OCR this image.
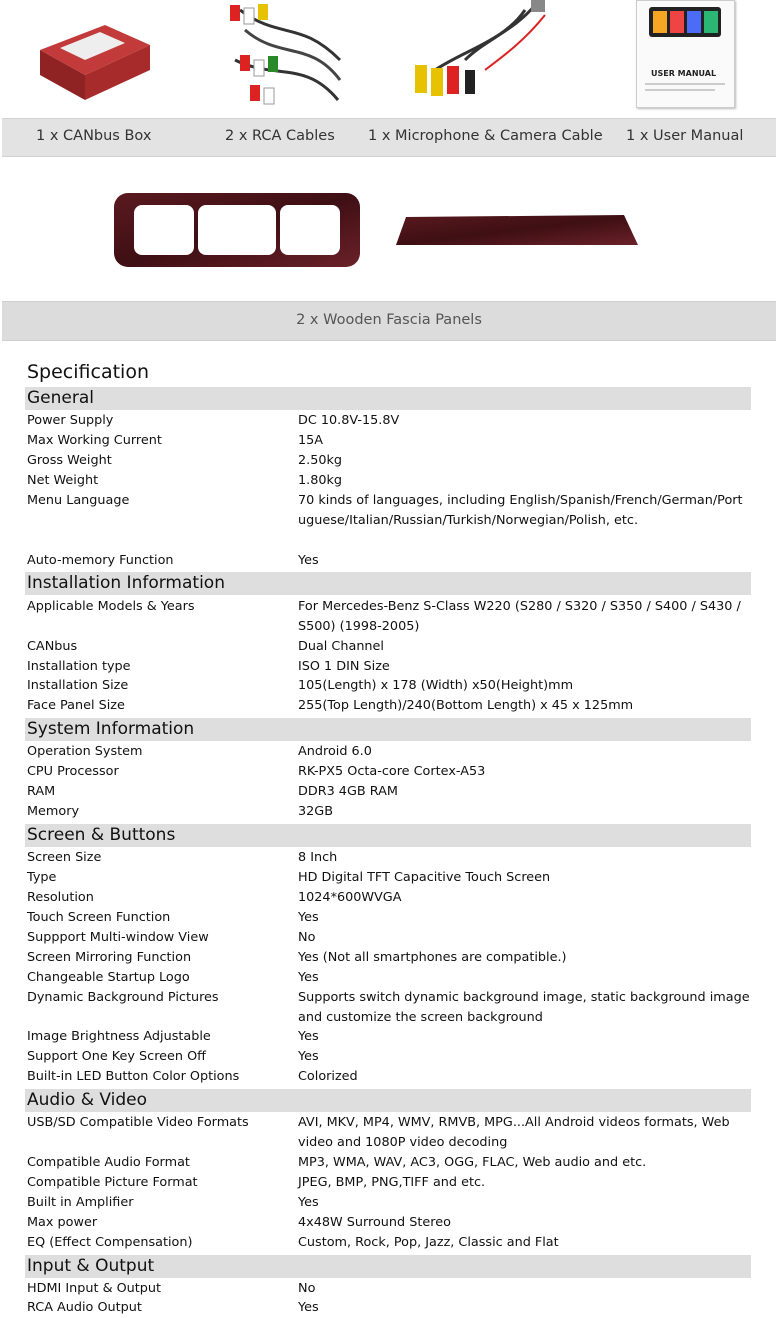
USER MANUAL
1 x CANbus Box	2 x RCA Cables 1 x Microphone & Camera Cable 1 x User Manual
2 x Wooden Fascia Panels
Specification
General
Power Supply	DC 10.8V-15.8V
Max Working Current	15A
Gross Weight	2.50kg
Net Weight	1.80kg
Menu Language	70 kinds of languages, including English/Spanish/French/German/Portuguese/Italian/Russian/Turkish/Norwegian/Polish, etc.
Auto-memory Function	Yes
Installation Information
Applicable Models & Years	For Mercedes-Benz S-Class W220 (S280 / S320 / S350 / S400 / S430 / S500) (1998-2005)
CANbus	Dual Channel
Installation type	ISO 1 DIN Size
Installation Size	105(Length) x 178 (Width) x50(Height)mm
Face Panel Size	255(Top Length)/240(Bottom Length) x 45 x 125mm
System Information
Operation System	Android 6.0
CPU Processor	RK-PX5 Octa-core Cortex-A53
RAM	DDR3 4GB RAM
Memory	32GB
Screen & Buttons
Screen Size	8 Inch
Type	HD Digital TFT Capacitive Touch Screen
Resolution	1024*600WVGA
Touch Screen Function	Yes
Suppport Multi-window View	No
Screen Mirroring Function	Yes (Not all smartphones are compatible.)
Changeable Startup Logo	Yes
Dynamic Background Pictures	Supports switch dynamic background image, static background image and customize the screen background
Image Brightness Adjustable	Yes
Support One Key Screen Off	Yes
Built-in LED Button Color Options	Colorized
Audio & Video
USB/SD Compatible Video Formats	AVI, MKV, MP4, WMV, RMVB, MPG...All Android videos formats, Web video and 1080P video decoding
Compatible Audio Format	MP3, WMA, WAV, AC3, OGG, FLAC, Web audio and etc.
Compatible Picture Format	JPEG, BMP, PNG,TIFF and etc.
Built in Amplifier	Yes
Max power	4x48W Surround Stereo
EQ (Effect Compensation)	Custom, Rock, Pop, Jazz, Classic and Flat
Input & Output
HDMI Input & Output	No
RCA Audio Output	Yes
